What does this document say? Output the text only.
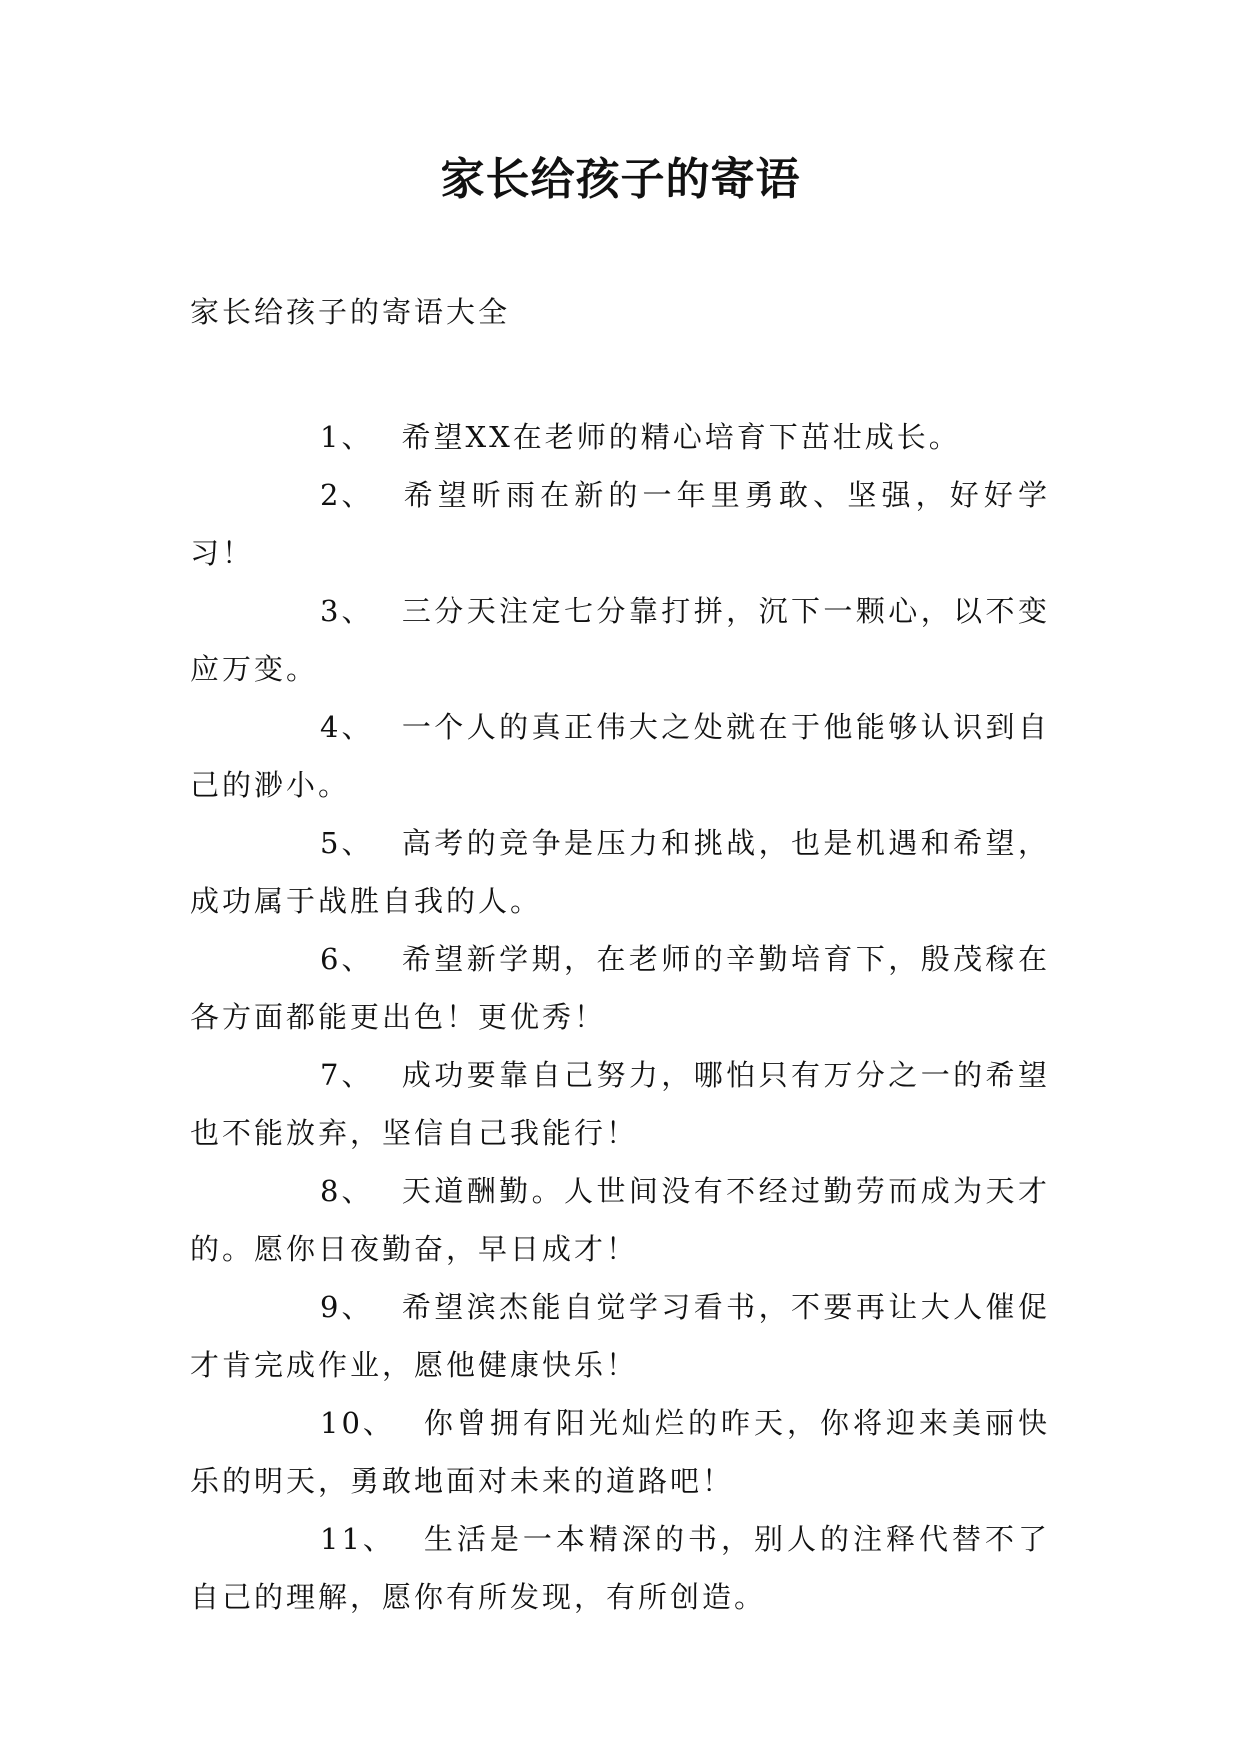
家长给孩子的寄语
家长给孩子的寄语大全

1、 希望XX在老师的精心培育下茁壮成长。

2、 希望昕雨在新的一年里勇敢、坚强，好好学习！

3、 三分天注定七分靠打拼，沉下一颗心，以不变应万变。

4、 一个人的真正伟大之处就在于他能够认识到自己的渺小。

5、 高考的竞争是压力和挑战，也是机遇和希望，成功属于战胜自我的人。

6、 希望新学期，在老师的辛勤培育下，殷茂稼在各方面都能更出色！更优秀！

7、 成功要靠自己努力，哪怕只有万分之一的希望也不能放弃，坚信自己我能行！

8、 天道酬勤。人世间没有不经过勤劳而成为天才的。愿你日夜勤奋，早日成才！

9、 希望滨杰能自觉学习看书，不要再让大人催促才肯完成作业，愿他健康快乐！

10、 你曾拥有阳光灿烂的昨天，你将迎来美丽快乐的明天，勇敢地面对未来的道路吧！

11、 生活是一本精深的书，别人的注释代替不了自己的理解，愿你有所发现，有所创造。
